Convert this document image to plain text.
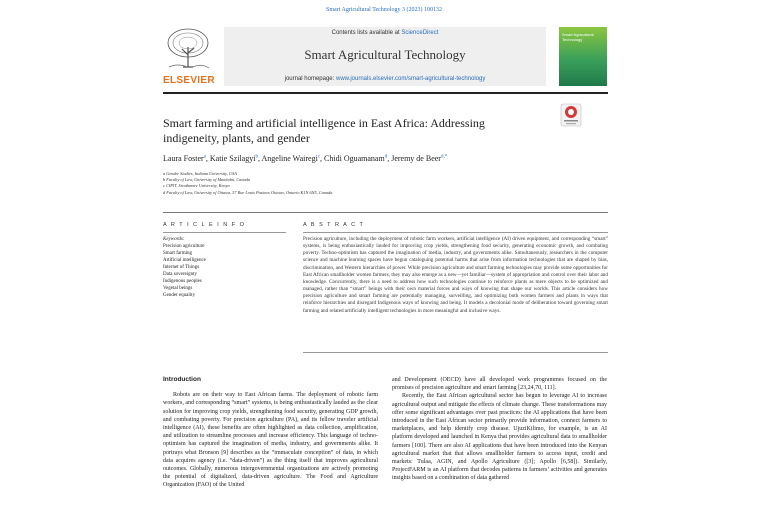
Smart Agricultural Technology 3 (2023) 100132
ELSEVIER
Contents lists available at ScienceDirect
Smart Agricultural Technology
journal homepage: www.journals.elsevier.com/smart-agricultural-technology
Smart Agricultural Technology
Smart farming and artificial intelligence in East Africa: Addressing indigeneity, plants, and gender
Laura Foster$^a$, Katie Szilagyi$^b$, Angeline Wairegi$^c$, Chidi Oguamanam$^d$, Jeremy de Beer$^{d,*}$
a Gender Studies, Indiana University, USA
b Faculty of Law, University of Manitoba, Canada
c CIPIT, Strathmore University, Kenya
d Faculty of Law, University of Ottawa, 57 Rue Louis Pasteur, Ottawa, Ontario K1N 6N5, Canada
A R T I C L E I N F O
Keywords:
Precision agriculture
Smart farming
Artificial intelligence
Internet of Things
Data sovereignty
Indigenous peoples
Vegetal beings
Gender equality
A B S T R A C T
Precision agriculture, including the deployment of robotic farm workers, artificial intelligence (AI) driven equipment, and corresponding “smart” systems, is being enthusiastically lauded for improving crop yields, strengthening food security, generating economic growth, and combating poverty. Techno-optimism has captured the imagination of media, industry, and governments alike. Simultaneously, researchers in the computer science and machine learning spaces have begun cataloguing potential harms that arise from information technologies that are shaped by bias, discrimination, and Western hierarchies of power. While precision agriculture and smart farming technologies may provide some opportunities for East African smallholder women farmers, they may also emerge as a new—yet familiar—system of appropriation and control over their labor and knowledge. Concurrently, there is a need to address how such technologies continue to reinforce plants as mere objects to be optimized and managed, rather than “smart” beings with their own material forces and ways of knowing that shape our worlds. This article considers how precision agriculture and smart farming are potentially managing, surveilling, and optimizing both women farmers and plants in ways that reinforce hierarchies and disregard Indigenous ways of knowing and being. It models a decolonial mode of deliberation toward governing smart farming and related artificially intelligent technologies in more meaningful and inclusive ways.
Introduction

Robots are on their way to East African farms. The deployment of robotic farm workers, and corresponding “smart” systems, is being enthusiastically lauded as the clear solution for improving crop yields, strengthening food security, generating GDP growth, and combating poverty. For precision agriculture (PA), and its fellow traveler artificial intelligence (AI), these benefits are often highlighted as data collection, amplification, and utilization to streamline processes and increase efficiency. This language of techno-optimism has captured the imagination of media, industry, and governments alike. It portrays what Bronson [9] describes as the “immaculate conception” of data, in which data acquires agency (i.e. “data-driven”) as the thing itself that improves agricultural outcomes. Globally, numerous intergovernmental organizations are actively promoting the potential of digitalized, data-driven agriculture. The Food and Agriculture Organization (FAO) of the United

and Development (OECD) have all developed work programmes focused on the promises of precision agriculture and smart farming [23,24,70, 111].

Recently, the East African agricultural sector has begun to leverage AI to increase agricultural output and mitigate the effects of climate change. These transformations may offer some significant advantages over past practices: the AI applications that have been introduced in the East African sector primarily provide information, connect farmers to marketplaces, and help identify crop disease. UjuziKilimo, for example, is an AI platform developed and launched in Kenya that provides agricultural data to smallholder farmers [100]. There are also AI applications that have been introduced into the Kenyan agricultural market that that allows smallholder farmers to access input, credit and markets: Tulaa, AGIN, and Apollo Agriculture ([3]; Apollo [6,58]). Similarly, ProjectFARM is an AI platform that decodes patterns in farmers’ activities and generates insights based on a combination of data gathered
